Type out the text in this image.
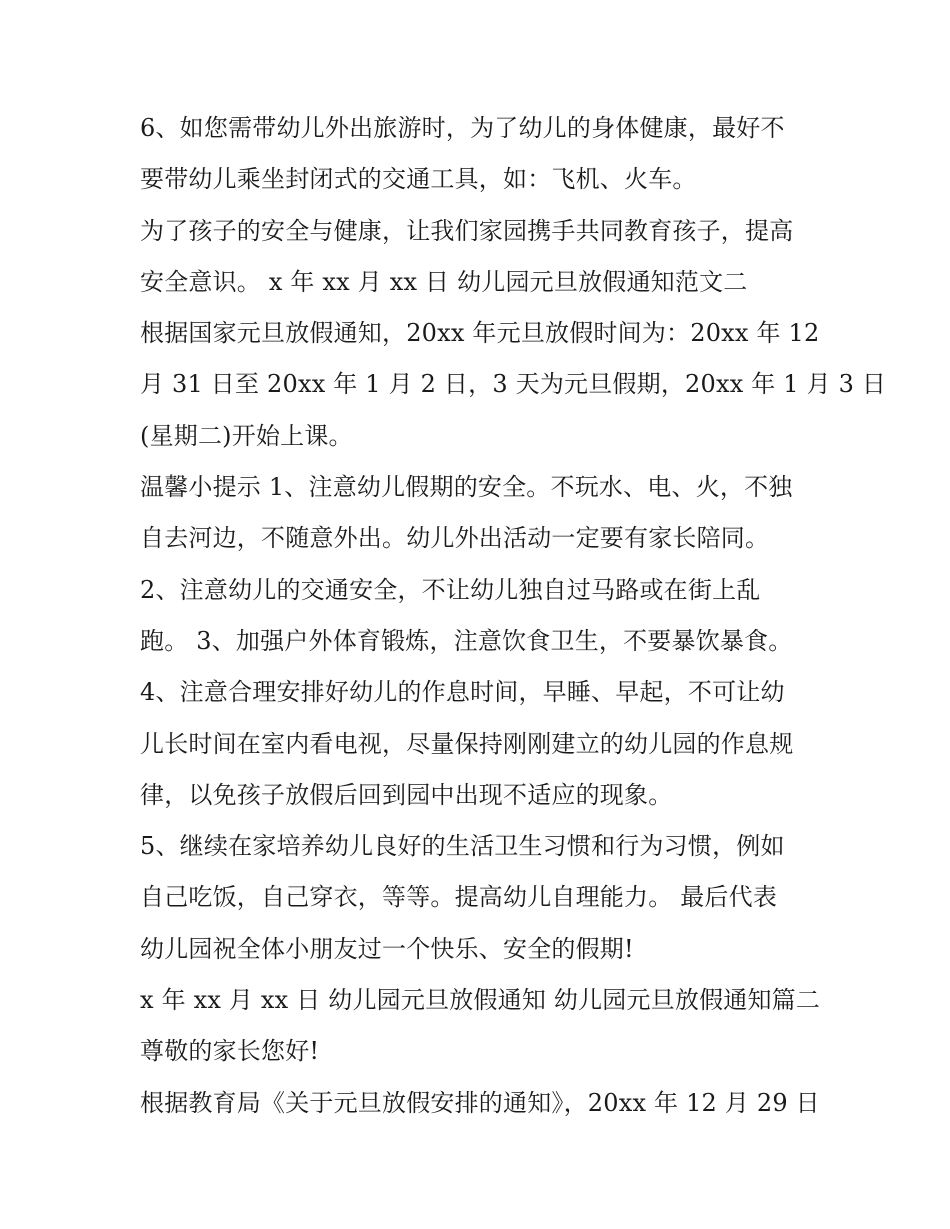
6、如您需带幼儿外出旅游时，为了幼儿的身体健康，最好不
要带幼儿乘坐封闭式的交通工具，如：飞机、火车。
为了孩子的安全与健康，让我们家园携手共同教育孩子，提高
安全意识。 x 年 xx 月 xx 日 幼儿园元旦放假通知范文二
根据国家元旦放假通知，20xx 年元旦放假时间为：20xx 年 12
月 31 日至 20xx 年 1 月 2 日，3 天为元旦假期，20xx 年 1 月 3 日
(星期二)开始上课。
温馨小提示 1、注意幼儿假期的安全。不玩水、电、火，不独
自去河边，不随意外出。幼儿外出活动一定要有家长陪同。
2、注意幼儿的交通安全，不让幼儿独自过马路或在街上乱
跑。 3、加强户外体育锻炼，注意饮食卫生，不要暴饮暴食。
4、注意合理安排好幼儿的作息时间，早睡、早起，不可让幼
儿长时间在室内看电视，尽量保持刚刚建立的幼儿园的作息规
律，以免孩子放假后回到园中出现不适应的现象。
5、继续在家培养幼儿良好的生活卫生习惯和行为习惯，例如
自己吃饭，自己穿衣，等等。提高幼儿自理能力。 最后代表
幼儿园祝全体小朋友过一个快乐、安全的假期!
x 年 xx 月 xx 日 幼儿园元旦放假通知 幼儿园元旦放假通知篇二
尊敬的家长您好!
根据教育局《关于元旦放假安排的通知》，20xx 年 12 月 29 日
